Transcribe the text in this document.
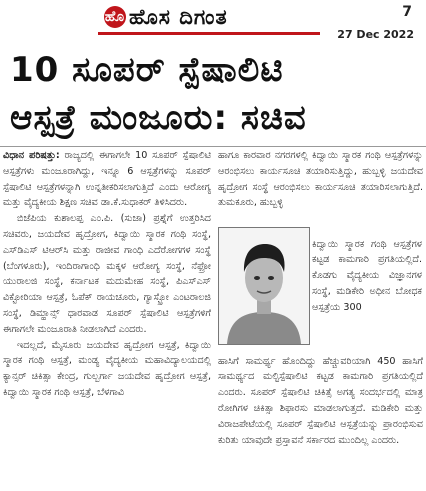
ಹೊ ಹೊಸ ದಿಗಂತ	7
27 Dec 2022
10 ಸೂಪರ್ ಸ್ಪೆಷಾಲಿಟಿ
ಆಸ್ಪತ್ರೆ ಮಂಜೂರು: ಸಚಿವ

ವಿಧಾನ ಪರಿಷತ್ತು: ರಾಜ್ಯದಲ್ಲಿ ಈಗಾಗಲೇ 10 ಸೂಪರ್ ಸ್ಪೆಷಾಲಿಟಿ ಆಸ್ಪತ್ರೆಗಳು ಮಂಜೂರಾಗಿದ್ದು, ಇನ್ನೂ 6 ಆಸ್ಪತ್ರೆಗಳನ್ನು ಸೂಪರ್ ಸ್ಪೆಷಾಲಿಟಿ ಆಸ್ಪತ್ರೆಗಳನ್ನಾಗಿ ಉನ್ನತೀಕರಿಸಲಾಗುತ್ತಿದೆ ಎಂದು ಆರೋಗ್ಯ ಮತ್ತು ವೈದ್ಯಕೀಯ ಶಿಕ್ಷಣ ಸಚಿವ ಡಾ.ಕೆ.ಸುಧಾಕರ್ ತಿಳಿಸಿದರು.

ಬಿಜೆಪಿಯ ಕುಶಾಲಪ್ಪ ಎಂ.ಪಿ. (ಸುಜಾ) ಪ್ರಶ್ನೆಗೆ ಉತ್ತರಿಸಿದ ಸಚಿವರು, ಜಯದೇವ ಹೃದ್ರೋಗ, ಕಿದ್ವಾಯಿ ಸ್ಮಾರಕ ಗಂಥಿ ಸಂಸ್ಥೆ, ಎಸ್‌ಡಿಎಸ್ ಟಿಆರ್‌ಸಿ ಮತ್ತು ರಾಜೀವ ಗಾಂಧಿ ಎದೆರೋಗಗಳ ಸಂಸ್ಥೆ (ಬೆಂಗಳೂರು), ಇಂದಿರಾಗಾಂಧಿ ಮಕ್ಕಳ ಆರೋಗ್ಯ ಸಂಸ್ಥೆ, ನೆಫ್ರೋ ಯುರಾಲಜಿ ಸಂಸ್ಥೆ, ಕರ್ನಾಟಕ ಮದುಮೇಹ ಸಂಸ್ಥೆ, ಪಿಎಸ್‌ಎಸ್ ವಿಕ್ಟೋರಿಯಾ ಆಸ್ಪತ್ರೆ, ಓಪೆಕ್ ರಾಯಚೂರು, ಗ್ಯಾಸ್ಟ್ರೋ ಎಂಟರಾಲಜಿ ಸಂಸ್ಥೆ, ಡಿಮ್ಹಾನ್ಸ್ ಧಾರವಾಡ ಸೂಪರ್ ಸ್ಪೆಷಾಲಿಟಿ ಆಸ್ಪತ್ರೆಗಳಿಗೆ ಈಗಾಗಲೇ ಮಂಜೂರಾತಿ ನೀಡಲಾಗಿದೆ ಎಂದರು.

ಇದಲ್ಲದೆ, ಮೈಸೂರು ಜಯದೇವ ಹೃದ್ರೋಗ ಆಸ್ಪತ್ರೆ, ಕಿದ್ವಾಯಿ ಸ್ಮಾರಕ ಗಂಥಿ ಆಸ್ಪತ್ರೆ, ಮಂಡ್ಯ ವೈದ್ಯಕೀಯ ಮಹಾವಿದ್ಯಾಲಯದಲ್ಲಿ ಕ್ಯಾನ್ಸರ್ ಚಿಕಿತ್ಸಾ ಕೇಂದ್ರ, ಗುಲ್ಬರ್ಗಾ ಜಯದೇವ ಹೃದ್ರೋಗ ಆಸ್ಪತ್ರೆ, ಕಿದ್ವಾಯಿ ಸ್ಮಾರಕ ಗಂಥಿ ಆಸ್ಪತ್ರೆ, ಬೆಳಗಾವಿ

ಹಾಗೂ ಕಾರವಾರ ನಗರಗಳಲ್ಲಿ ಕಿದ್ವಾಯಿ ಸ್ಮಾರಕ ಗಂಥಿ ಆಸ್ಪತ್ರೆಗಳನ್ನು ಆರಂಭಿಸಲು ಕಾರ್ಯಸೂಚಿ ತಯಾರಿಸುತ್ತಿದ್ದು, ಹುಬ್ಬಳ್ಳಿ ಜಯದೇವ ಹೃದ್ರೋಗ ಸಂಸ್ಥೆ ಆರಂಭಿಸಲು ಕಾರ್ಯಸೂಚಿ ತಯಾರಿಸಲಾಗುತ್ತಿದೆ. ತುಮಕೂರು, ಹುಬ್ಬಳ್ಳಿ

ಕಿದ್ವಾಯಿ ಸ್ಮಾರಕ ಗಂಥಿ ಆಸ್ಪತ್ರೆಗಳ ಕಟ್ಟಡ ಕಾಮಗಾರಿ ಪ್ರಗತಿಯಲ್ಲಿದೆ. ಕೊಡಗು ವೈದ್ಯಕೀಯ ವಿಜ್ಞಾನಗಳ ಸಂಸ್ಥೆ, ಮಡಿಕೇರಿ ಅಧೀನ ಬೋಧಕ ಆಸ್ಪತ್ರೆಯ 300

ಹಾಸಿಗೆ ಸಾಮರ್ಥ್ಯ ಹೊಂದಿದ್ದು ಹೆಚ್ಚುವರಿಯಾಗಿ 450 ಹಾಸಿಗೆ ಸಾಮರ್ಥ್ಯದ ಮಲ್ಟಿಸ್ಪೆಷಾಲಿಟಿ ಕಟ್ಟಡ ಕಾಮಗಾರಿ ಪ್ರಗತಿಯಲ್ಲಿದೆ ಎಂದರು. ಸೂಪರ್ ಸ್ಪೆಷಾಲಿಟಿ ಚಿಕಿತ್ಸೆ ಅಗತ್ಯ ಸಂದರ್ಭದಲ್ಲಿ ಮಾತ್ರ ರೋಗಿಗಳ ಚಿಕಿತ್ಸಾ ಶಿಫಾರಸು ಮಾಡಲಾಗುತ್ತದೆ. ಮಡಿಕೇರಿ ಮತ್ತು ವಿರಾಜಪೇಟೆಯಲ್ಲಿ ಸೂಪರ್ ಸ್ಪೆಷಾಲಿಟಿ ಆಸ್ಪತ್ರೆಯನ್ನು ಪ್ರಾರಂಭಿಸುವ ಕುರಿತು ಯಾವುದೇ ಪ್ರಸ್ತಾವನೆ ಸರ್ಕಾರದ ಮುಂದಿಲ್ಲ ಎಂದರು.
